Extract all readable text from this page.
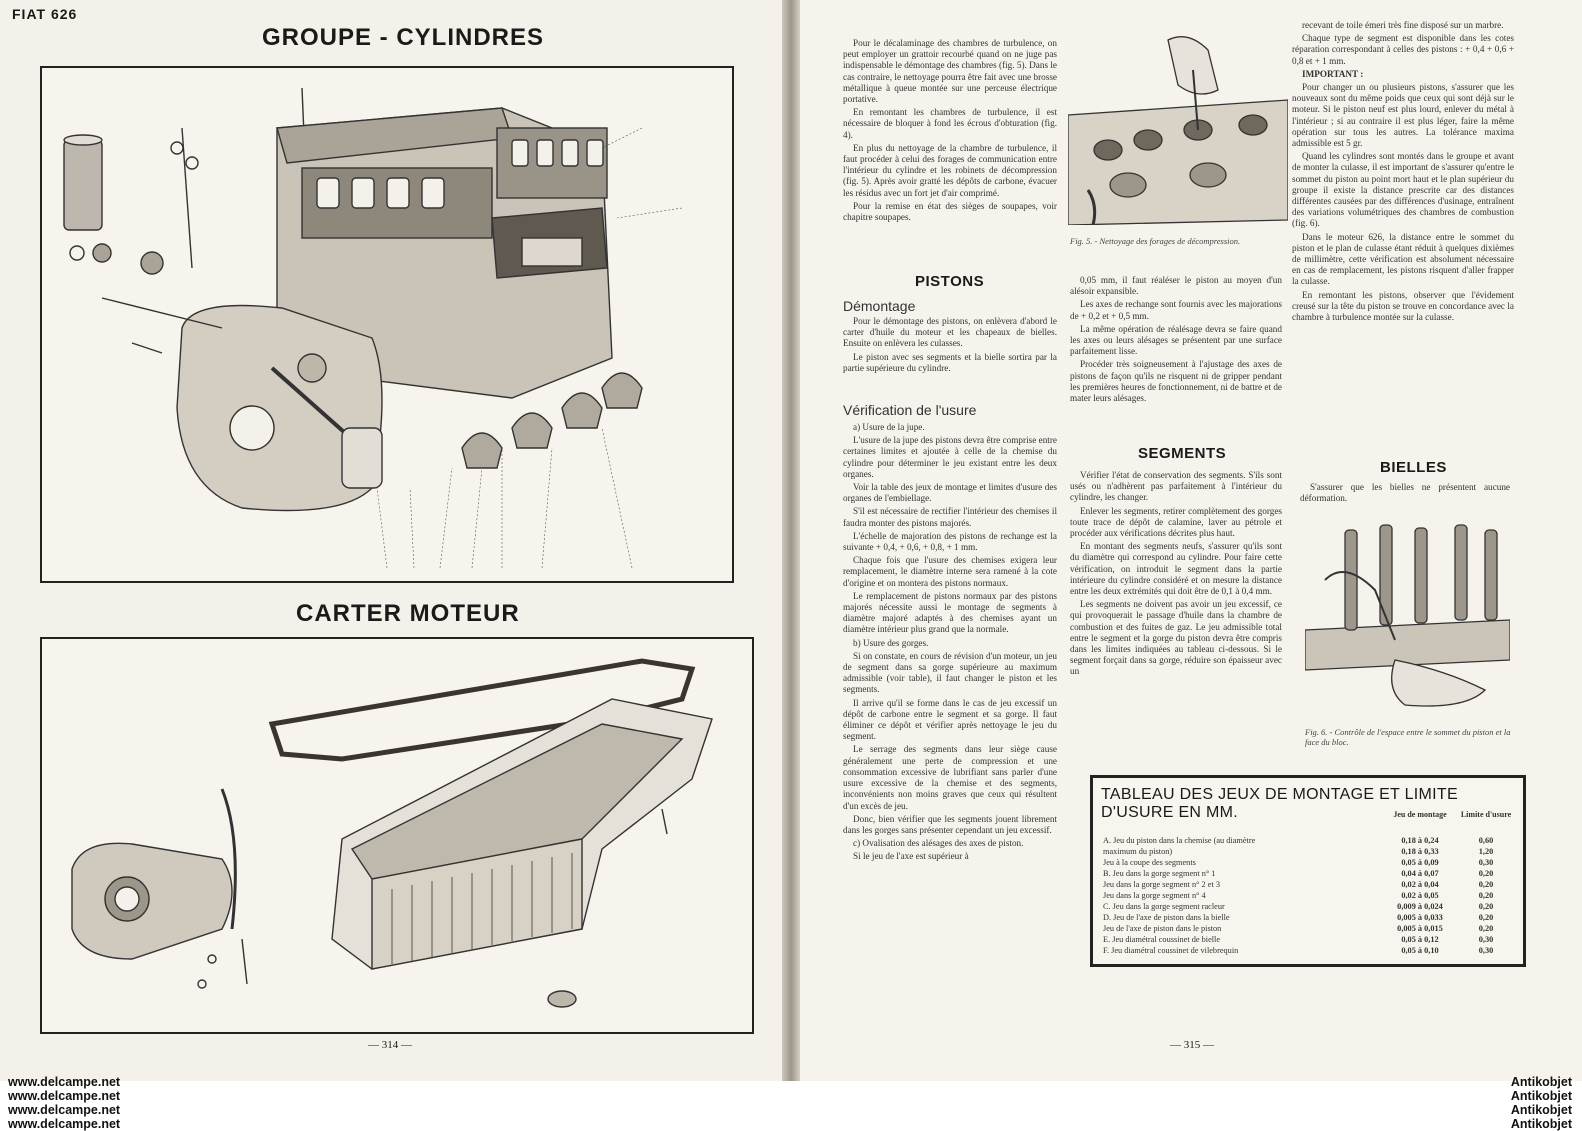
FIAT 626
GROUPE - CYLINDRES
CARTER MOTEUR
— 314 —

Pour le décalaminage des chambres de turbulence, on peut employer un grattoir recourbé quand on ne juge pas indispensable le démontage des chambres (fig. 5). Dans le cas contraire, le nettoyage pourra être fait avec une brosse métallique à queue montée sur une perceuse électrique portative.

En remontant les chambres de turbulence, il est nécessaire de bloquer à fond les écrous d'obturation (fig. 4).

En plus du nettoyage de la chambre de turbulence, il faut procéder à celui des forages de communication entre l'intérieur du cylindre et les robinets de décompression (fig. 5). Après avoir gratté les dépôts de carbone, évacuer les résidus avec un fort jet d'air comprimé.

Pour la remise en état des sièges de soupapes, voir chapitre soupapes.

PISTONS
Démontage

Pour le démontage des pistons, on enlèvera d'abord le carter d'huile du moteur et les chapeaux de bielles. Ensuite on enlèvera les culasses.

Le piston avec ses segments et la bielle sortira par la partie supérieure du cylindre.

Vérification de l'usure

a) Usure de la jupe.

L'usure de la jupe des pistons devra être comprise entre certaines limites et ajoutée à celle de la chemise du cylindre pour déterminer le jeu existant entre les deux organes.

Voir la table des jeux de montage et limites d'usure des organes de l'embiellage.

S'il est nécessaire de rectifier l'intérieur des chemises il faudra monter des pistons majorés.

L'échelle de majoration des pistons de rechange est la suivante + 0,4, + 0,6, + 0,8, + 1 mm.

Chaque fois que l'usure des chemises exigera leur remplacement, le diamètre interne sera ramené à la cote d'origine et on montera des pistons normaux.

Le remplacement de pistons normaux par des pistons majorés nécessite aussi le montage de segments à diamètre majoré adaptés à des chemises ayant un diamètre intérieur plus grand que la normale.

b) Usure des gorges.

Si on constate, en cours de révision d'un moteur, un jeu de segment dans sa gorge supérieure au maximum admissible (voir table), il faut changer le piston et les segments.

Il arrive qu'il se forme dans le cas de jeu excessif un dépôt de carbone entre le segment et sa gorge. Il faut éliminer ce dépôt et vérifier après nettoyage le jeu du segment.

Le serrage des segments dans leur siège cause généralement une perte de compression et une consommation excessive de lubrifiant sans parler d'une usure excessive de la chemise et des segments, inconvénients non moins graves que ceux qui résultent d'un excès de jeu.

Donc, bien vérifier que les segments jouent librement dans les gorges sans présenter cependant un jeu excessif.

c) Ovalisation des alésages des axes de piston.

Si le jeu de l'axe est supérieur à

Fig. 5. - Nettoyage des forages de décompression.

0,05 mm, il faut réaléser le piston au moyen d'un alésoir expansible.

Les axes de rechange sont fournis avec les majorations de + 0,2 et + 0,5 mm.

La même opération de réalésage devra se faire quand les axes ou leurs alésages se présentent par une surface parfaitement lisse.

Procéder très soigneusement à l'ajustage des axes de pistons de façon qu'ils ne risquent ni de gripper pendant les premières heures de fonctionnement, ni de battre et de mater leurs alésages.

SEGMENTS

Vérifier l'état de conservation des segments. S'ils sont usés ou n'adhèrent pas parfaitement à l'intérieur du cylindre, les changer.

Enlever les segments, retirer complètement des gorges toute trace de dépôt de calamine, laver au pétrole et procéder aux vérifications décrites plus haut.

En montant des segments neufs, s'assurer qu'ils sont du diamètre qui correspond au cylindre. Pour faire cette vérification, on introduit le segment dans la partie intérieure du cylindre considéré et on mesure la distance entre les deux extrémités qui doit être de 0,1 à 0,4 mm.

Les segments ne doivent pas avoir un jeu excessif, ce qui provoquerait le passage d'huile dans la chambre de combustion et des fuites de gaz. Le jeu admissible total entre le segment et la gorge du piston devra être compris dans les limites indiquées au tableau ci-dessous. Si le segment forçait dans sa gorge, réduire son épaisseur avec un

recevant de toile émeri très fine disposé sur un marbre.

Chaque type de segment est disponible dans les cotes réparation correspondant à celles des pistons : + 0,4 + 0,6 + 0,8 et + 1 mm.

IMPORTANT :

Pour changer un ou plusieurs pistons, s'assurer que les nouveaux sont du même poids que ceux qui sont déjà sur le moteur. Si le piston neuf est plus lourd, enlever du métal à l'intérieur ; si au contraire il est plus léger, faire la même opération sur tous les autres. La tolérance maxima admissible est 5 gr.

Quand les cylindres sont montés dans le groupe et avant de monter la culasse, il est important de s'assurer qu'entre le sommet du piston au point mort haut et le plan supérieur du groupe il existe la distance prescrite car des distances différentes causées par des différences d'usinage, entraînent des variations volumétriques des chambres de combustion (fig. 6).

Dans le moteur 626, la distance entre le sommet du piston et le plan de culasse étant réduit à quelques dixièmes de millimètre, cette vérification est absolument nécessaire en cas de remplacement, les pistons risquent d'aller frapper la culasse.

En remontant les pistons, observer que l'évidement creusé sur la tête du piston se trouve en concordance avec la chambre à turbulence montée sur la culasse.

BIELLES

S'assurer que les bielles ne présentent aucune déformation.

Fig. 6. - Contrôle de l'espace entre le sommet du piston et la face du bloc.
— 315 —
TABLEAU DES JEUX DE MONTAGE ET LIMITE D'USURE EN MM.	Jeu de montage	Limite d'usure
A. Jeu du piston dans la chemise (au diamètre	0,18 à 0,24	0,60
maximum du piston)	0,18 à 0,33	1,20
Jeu à la coupe des segments	0,05 à 0,09	0,30
B. Jeu dans la gorge segment n° 1	0,04 à 0,07	0,20
Jeu dans la gorge segment n° 2 et 3	0,02 à 0,04	0,20
Jeu dans la gorge segment n° 4	0,02 à 0,05	0,20
C. Jeu dans la gorge segment racleur	0,009 à 0,024	0,20
D. Jeu de l'axe de piston dans la bielle	0,005 à 0,033	0,20
Jeu de l'axe de piston dans le piston	0,005 à 0,015	0,20
E. Jeu diamétral coussinet de bielle	0,05 à 0,12	0,30
F. Jeu diamétral coussinet de vilebrequin	0,05 à 0,10	0,30
www.delcampe.net
www.delcampe.net
www.delcampe.net
www.delcampe.net
Antikobjet
Antikobjet
Antikobjet
Antikobjet
